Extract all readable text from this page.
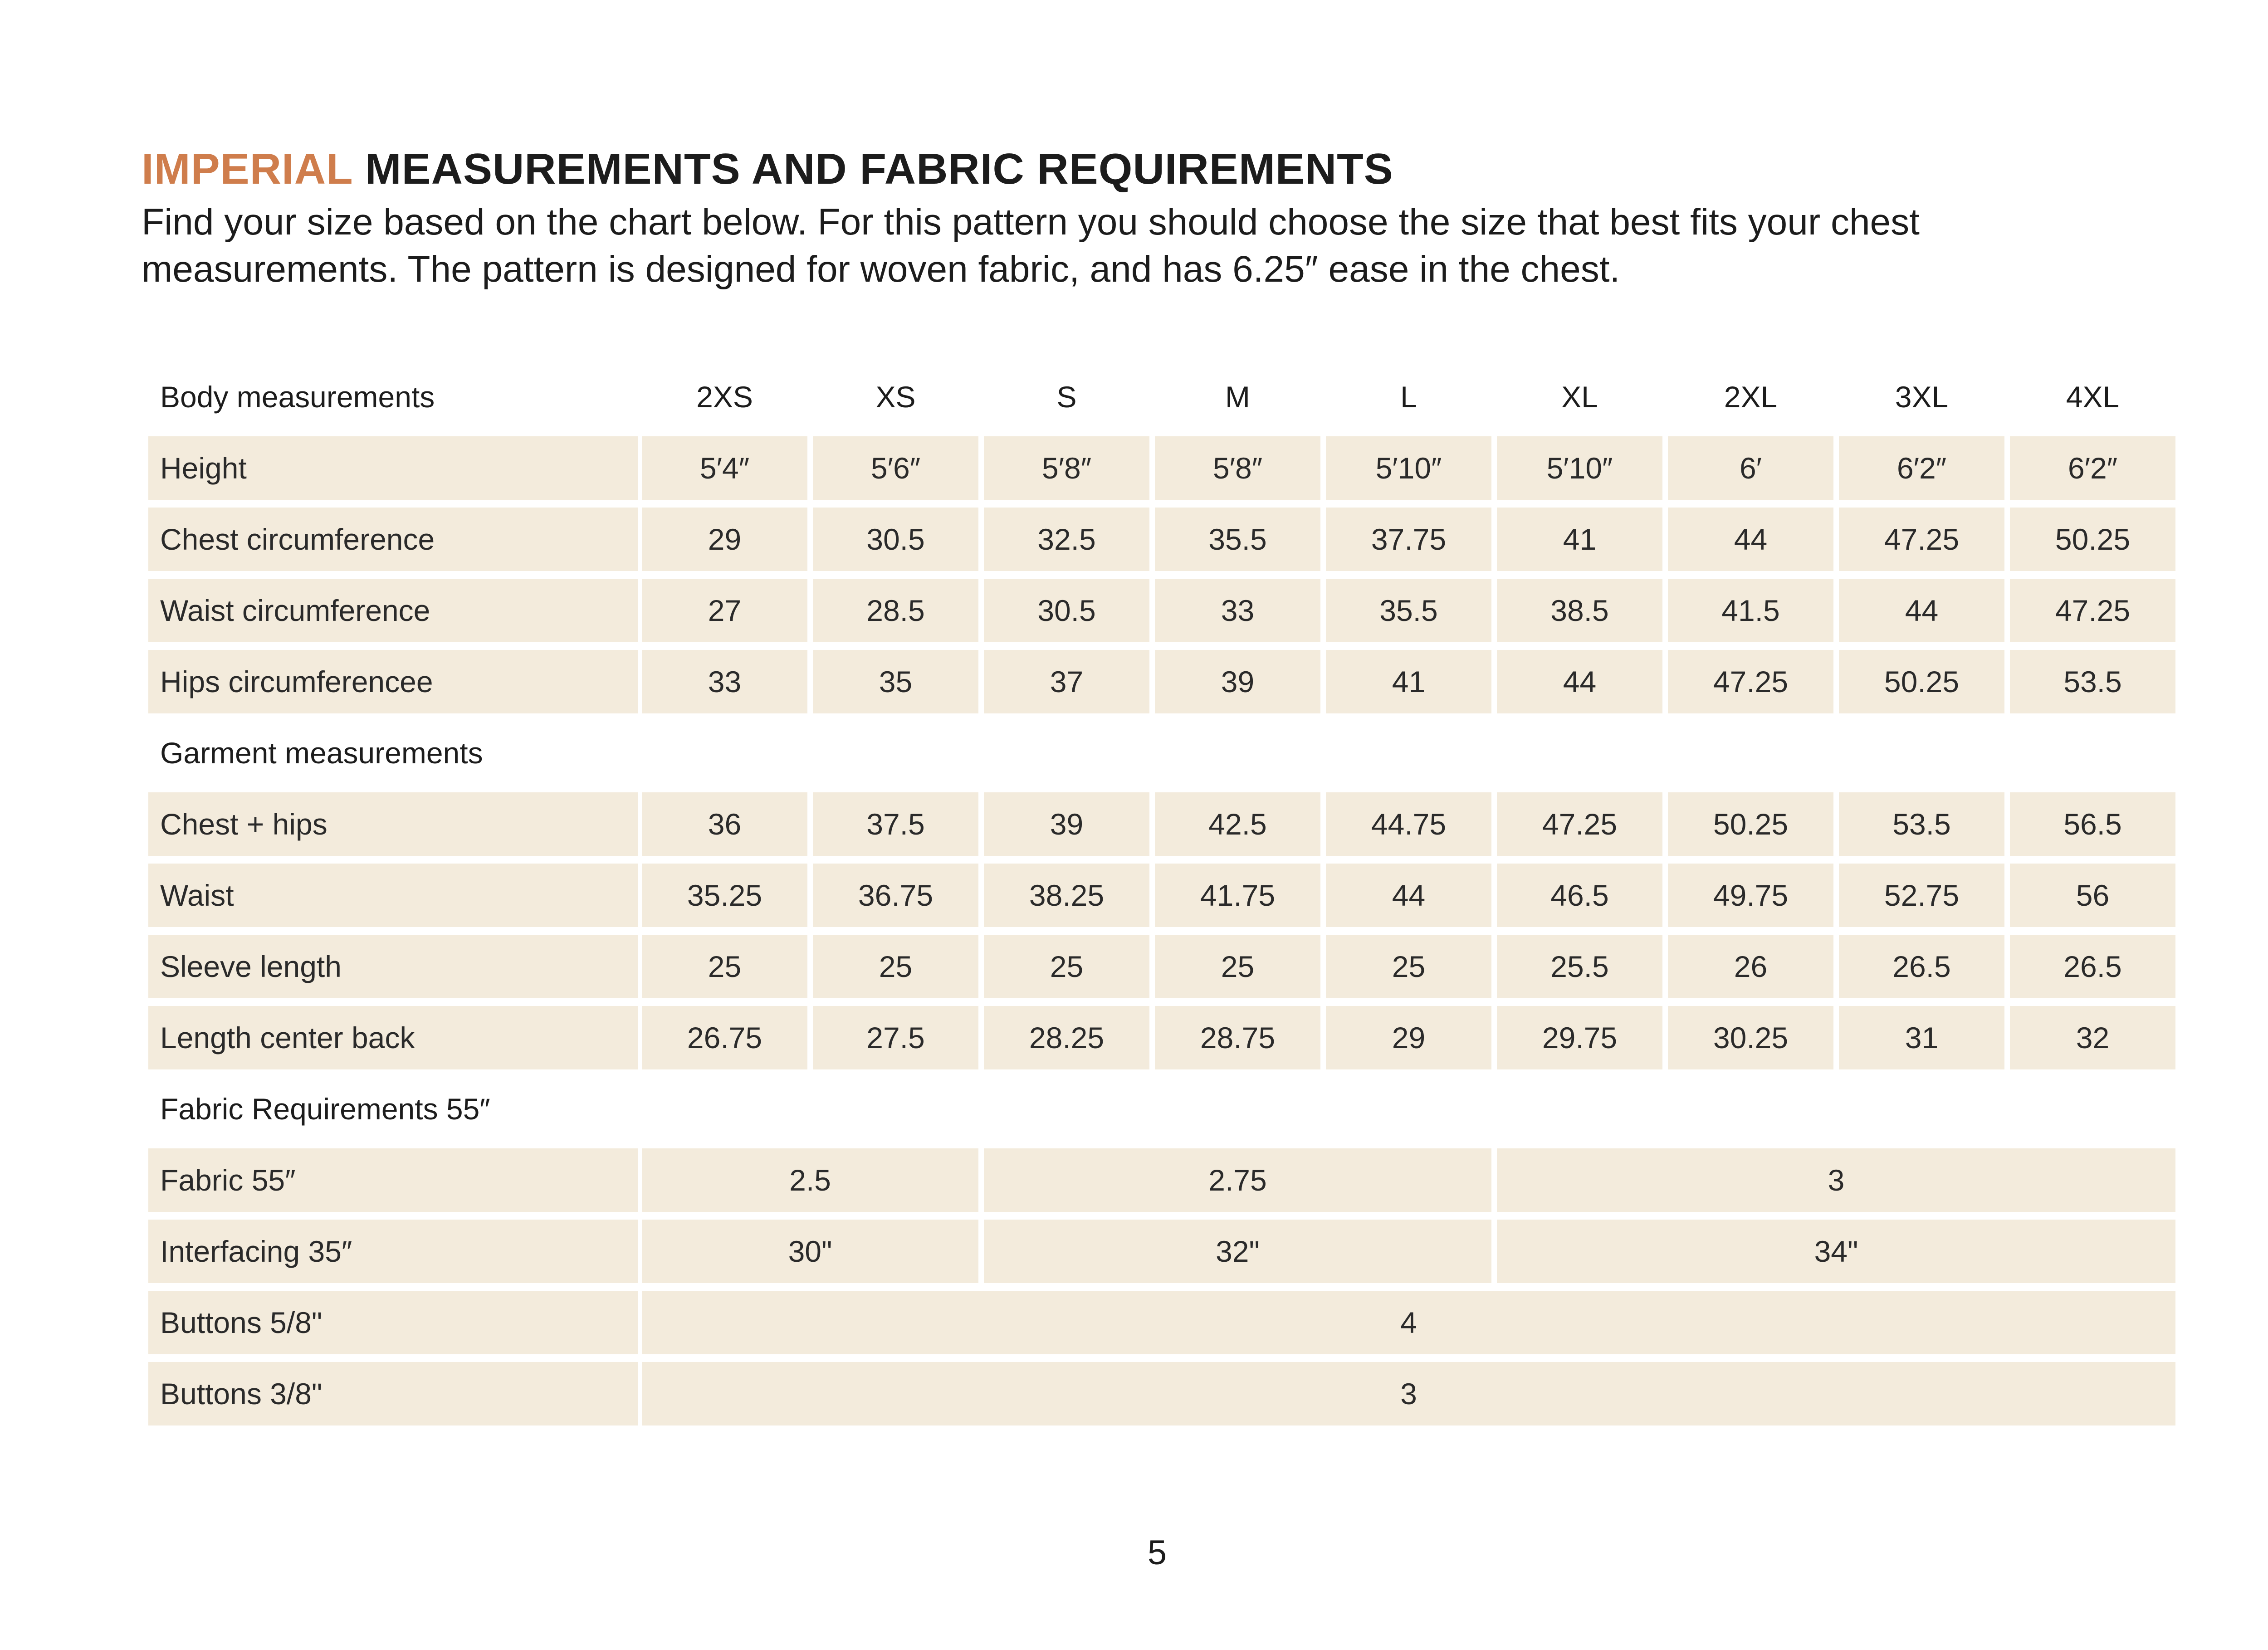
IMPERIAL MEASUREMENTS AND FABRIC REQUIREMENTS
Find your size based on the chart below. For this pattern you should choose the size that best fits your chest
measurements. The pattern is designed for woven fabric, and has 6.25″ ease in the chest.
Body measurements	2XS	XS	S	M	L	XL	2XL	3XL	4XL
Height	5′4″	5′6″	5′8″	5′8″	5′10″	5′10″	6′	6′2″	6′2″
Chest circumference	29	30.5	32.5	35.5	37.75	41	44	47.25	50.25
Waist circumference	27	28.5	30.5	33	35.5	38.5	41.5	44	47.25
Hips circumferencee	33	35	37	39	41	44	47.25	50.25	53.5
Garment measurements
Chest + hips	36	37.5	39	42.5	44.75	47.25	50.25	53.5	56.5
Waist	35.25	36.75	38.25	41.75	44	46.5	49.75	52.75	56
Sleeve length	25	25	25	25	25	25.5	26	26.5	26.5
Length center back	26.75	27.5	28.25	28.75	29	29.75	30.25	31	32
Fabric Requirements 55″
Fabric 55″	2.5	2.75	3
Interfacing 35″	30"	32"	34"
Buttons 5/8"	4
Buttons 3/8"	3
5
